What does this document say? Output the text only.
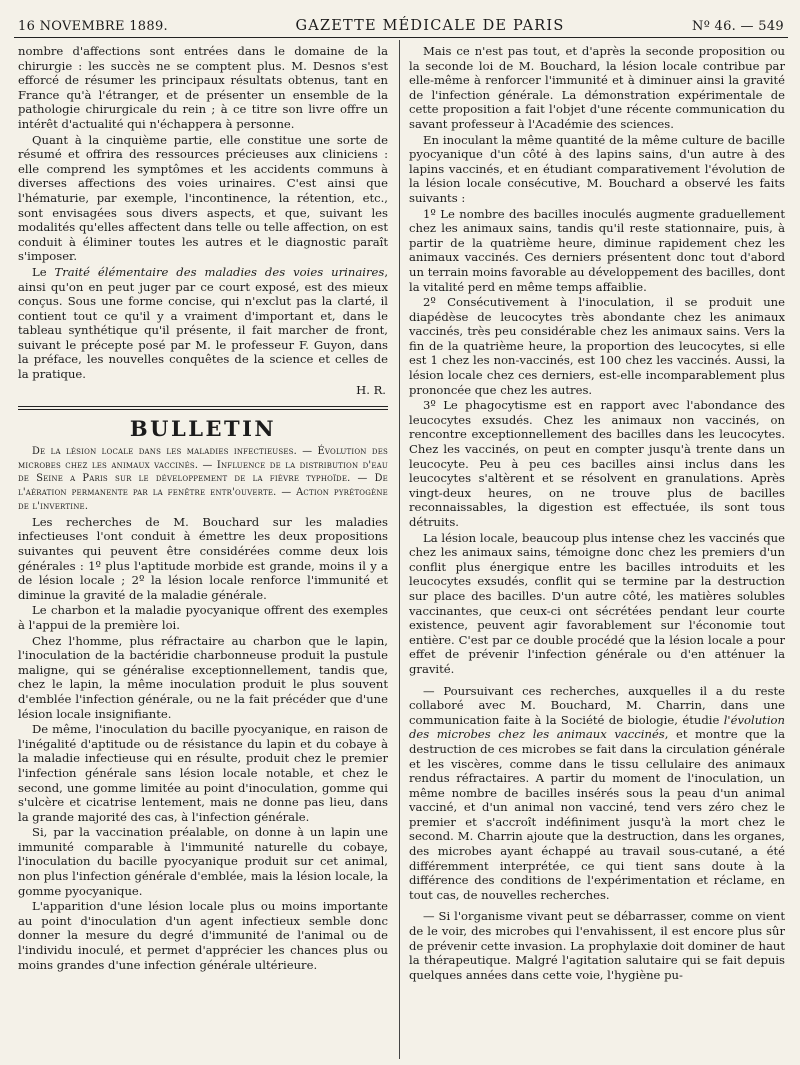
16 NOVEMBRE 1889.	GAZETTE MÉDICALE DE PARIS	Nº 46. — 549

nombre d'affections sont entrées dans le domaine de la chirurgie : les succès ne se comptent plus. M. Desnos s'est efforcé de résumer les principaux résultats obtenus, tant en France qu'à l'étranger, et de présenter un ensemble de la pathologie chirurgicale du rein ; à ce titre son livre offre un intérêt d'actualité qui n'échappera à personne.

Quant à la cinquième partie, elle constitue une sorte de résumé et offrira des ressources précieuses aux cliniciens : elle comprend les symptômes et les accidents communs à diverses affections des voies urinaires. C'est ainsi que l'hématurie, par exemple, l'incontinence, la rétention, etc., sont envisagées sous divers aspects, et que, suivant les modalités qu'elles affectent dans telle ou telle affection, on est conduit à éliminer toutes les autres et le diagnostic paraît s'imposer.

Le Traité élémentaire des maladies des voies urinaires, ainsi qu'on en peut juger par ce court exposé, est des mieux conçus. Sous une forme concise, qui n'exclut pas la clarté, il contient tout ce qu'il y a vraiment d'important et, dans le tableau synthétique qu'il présente, il fait marcher de front, suivant le précepte posé par M. le professeur F. Guyon, dans la préface, les nouvelles conquêtes de la science et celles de la pratique.

H. R.
BULLETIN

De la lésion locale dans les maladies infectieuses. — Évolution des microbes chez les animaux vaccinés. — Influence de la distribution d'eau de Seine a Paris sur le développement de la fièvre typhoïde. — De l'aération permanente par la fenêtre entr'ouverte. — Action pyrétogène de l'invertine.

Les recherches de M. Bouchard sur les maladies infectieuses l'ont conduit à émettre les deux propositions suivantes qui peuvent être considérées comme deux lois générales : 1º plus l'aptitude morbide est grande, moins il y a de lésion locale ; 2º la lésion locale renforce l'immunité et diminue la gravité de la maladie générale.

Le charbon et la maladie pyocyanique offrent des exemples à l'appui de la première loi.

Chez l'homme, plus réfractaire au charbon que le lapin, l'inoculation de la bactéridie charbonneuse produit la pustule maligne, qui se généralise exceptionnellement, tandis que, chez le lapin, la même inoculation produit le plus souvent d'emblée l'infection générale, ou ne la fait précéder que d'une lésion locale insignifiante.

De même, l'inoculation du bacille pyocyanique, en raison de l'inégalité d'aptitude ou de résistance du lapin et du cobaye à la maladie infectieuse qui en résulte, produit chez le premier l'infection générale sans lésion locale notable, et chez le second, une gomme limitée au point d'inoculation, gomme qui s'ulcère et cicatrise lentement, mais ne donne pas lieu, dans la grande majorité des cas, à l'infection générale.

Si, par la vaccination préalable, on donne à un lapin une immunité comparable à l'immunité naturelle du cobaye, l'inoculation du bacille pyocyanique produit sur cet animal, non plus l'infection générale d'emblée, mais la lésion locale, la gomme pyocyanique.

L'apparition d'une lésion locale plus ou moins importante au point d'inoculation d'un agent infectieux semble donc donner la mesure du degré d'immunité de l'animal ou de l'individu inoculé, et permet d'apprécier les chances plus ou moins grandes d'une infection générale ultérieure.

Mais ce n'est pas tout, et d'après la seconde proposition ou la seconde loi de M. Bouchard, la lésion locale contribue par elle-même à renforcer l'immunité et à diminuer ainsi la gravité de l'infection générale. La démonstration expérimentale de cette proposition a fait l'objet d'une récente communication du savant professeur à l'Académie des sciences.

En inoculant la même quantité de la même culture de bacille pyocyanique d'un côté à des lapins sains, d'un autre à des lapins vaccinés, et en étudiant comparativement l'évolution de la lésion locale consécutive, M. Bouchard a observé les faits suivants :

1º Le nombre des bacilles inoculés augmente graduellement chez les animaux sains, tandis qu'il reste stationnaire, puis, à partir de la quatrième heure, diminue rapidement chez les animaux vaccinés. Ces derniers présentent donc tout d'abord un terrain moins favorable au développement des bacilles, dont la vitalité perd en même temps affaiblie.

2º Consécutivement à l'inoculation, il se produit une diapédèse de leucocytes très abondante chez les animaux vaccinés, très peu considérable chez les animaux sains. Vers la fin de la quatrième heure, la proportion des leucocytes, si elle est 1 chez les non-vaccinés, est 100 chez les vaccinés. Aussi, la lésion locale chez ces derniers, est-elle incomparablement plus prononcée que chez les autres.

3º Le phagocytisme est en rapport avec l'abondance des leucocytes exsudés. Chez les animaux non vaccinés, on rencontre exceptionnellement des bacilles dans les leucocytes. Chez les vaccinés, on peut en compter jusqu'à trente dans un leucocyte. Peu à peu ces bacilles ainsi inclus dans les leucocytes s'altèrent et se résolvent en granulations. Après vingt-deux heures, on ne trouve plus de bacilles reconnaissables, la digestion est effectuée, ils sont tous détruits.

La lésion locale, beaucoup plus intense chez les vaccinés que chez les animaux sains, témoigne donc chez les premiers d'un conflit plus énergique entre les bacilles introduits et les leucocytes exsudés, conflit qui se termine par la destruction sur place des bacilles. D'un autre côté, les matières solubles vaccinantes, que ceux-ci ont sécrétées pendant leur courte existence, peuvent agir favorablement sur l'économie tout entière. C'est par ce double procédé que la lésion locale a pour effet de prévenir l'infection générale ou d'en atténuer la gravité.

— Poursuivant ces recherches, auxquelles il a du reste collaboré avec M. Bouchard, M. Charrin, dans une communication faite à la Société de biologie, étudie l'évolution des microbes chez les animaux vaccinés, et montre que la destruction de ces microbes se fait dans la circulation générale et les viscères, comme dans le tissu cellulaire des animaux rendus réfractaires. A partir du moment de l'inoculation, un même nombre de bacilles insérés sous la peau d'un animal vacciné, et d'un animal non vacciné, tend vers zéro chez le premier et s'accroît indéfiniment jusqu'à la mort chez le second. M. Charrin ajoute que la destruction, dans les organes, des microbes ayant échappé au travail sous-cutané, a été différemment interprétée, ce qui tient sans doute à la différence des conditions de l'expérimentation et réclame, en tout cas, de nouvelles recherches.

— Si l'organisme vivant peut se débarrasser, comme on vient de le voir, des microbes qui l'envahissent, il est encore plus sûr de prévenir cette invasion. La prophylaxie doit dominer de haut la thérapeutique. Malgré l'agitation salutaire qui se fait depuis quelques années dans cette voie, l'hygiène pu-
